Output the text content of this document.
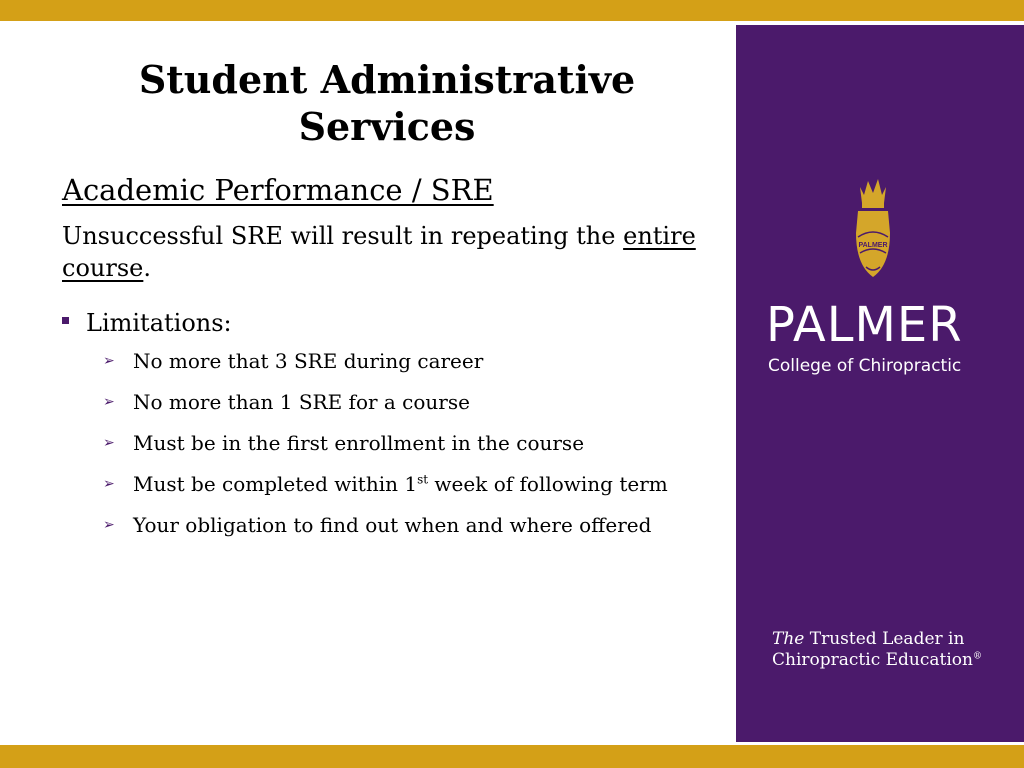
Student Administrative Services
Academic Performance / SRE
Unsuccessful SRE will result in repeating the entire course.
Limitations:
➢ No more that 3 SRE during career
➢ No more than 1 SRE for a course
➢ Must be in the first enrollment in the course
➢ Must be completed within 1st week of following term
➢ Your obligation to find out when and where offered
PALMER
PALMER
College of Chiropractic
The Trusted Leader in
Chiropractic Education®
